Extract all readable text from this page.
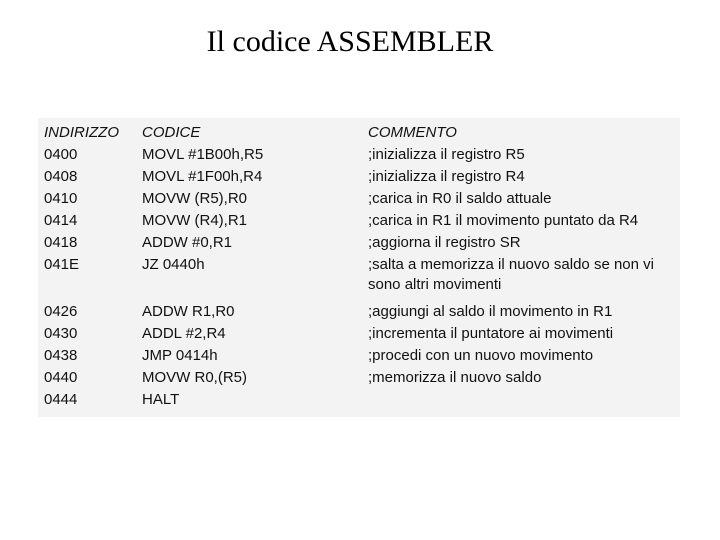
Il codice ASSEMBLER
INDIRIZZO	CODICE	COMMENTO
0400	MOVL #1B00h,R5	;inizializza il registro R5
0408	MOVL #1F00h,R4	;inizializza il registro R4
0410	MOVW (R5),R0	;carica in R0 il saldo attuale
0414	MOVW (R4),R1	;carica in R1 il movimento puntato da R4
0418	ADDW #0,R1	;aggiorna il registro SR
041E	JZ 0440h	;salta a memorizza il nuovo saldo se non vi sono altri movimenti
0426	ADDW R1,R0	;aggiungi al saldo il movimento in R1
0430	ADDL #2,R4	;incrementa il puntatore ai movimenti
0438	JMP 0414h	;procedi con un nuovo movimento
0440	MOVW R0,(R5)	;memorizza il nuovo saldo
0444	HALT	
